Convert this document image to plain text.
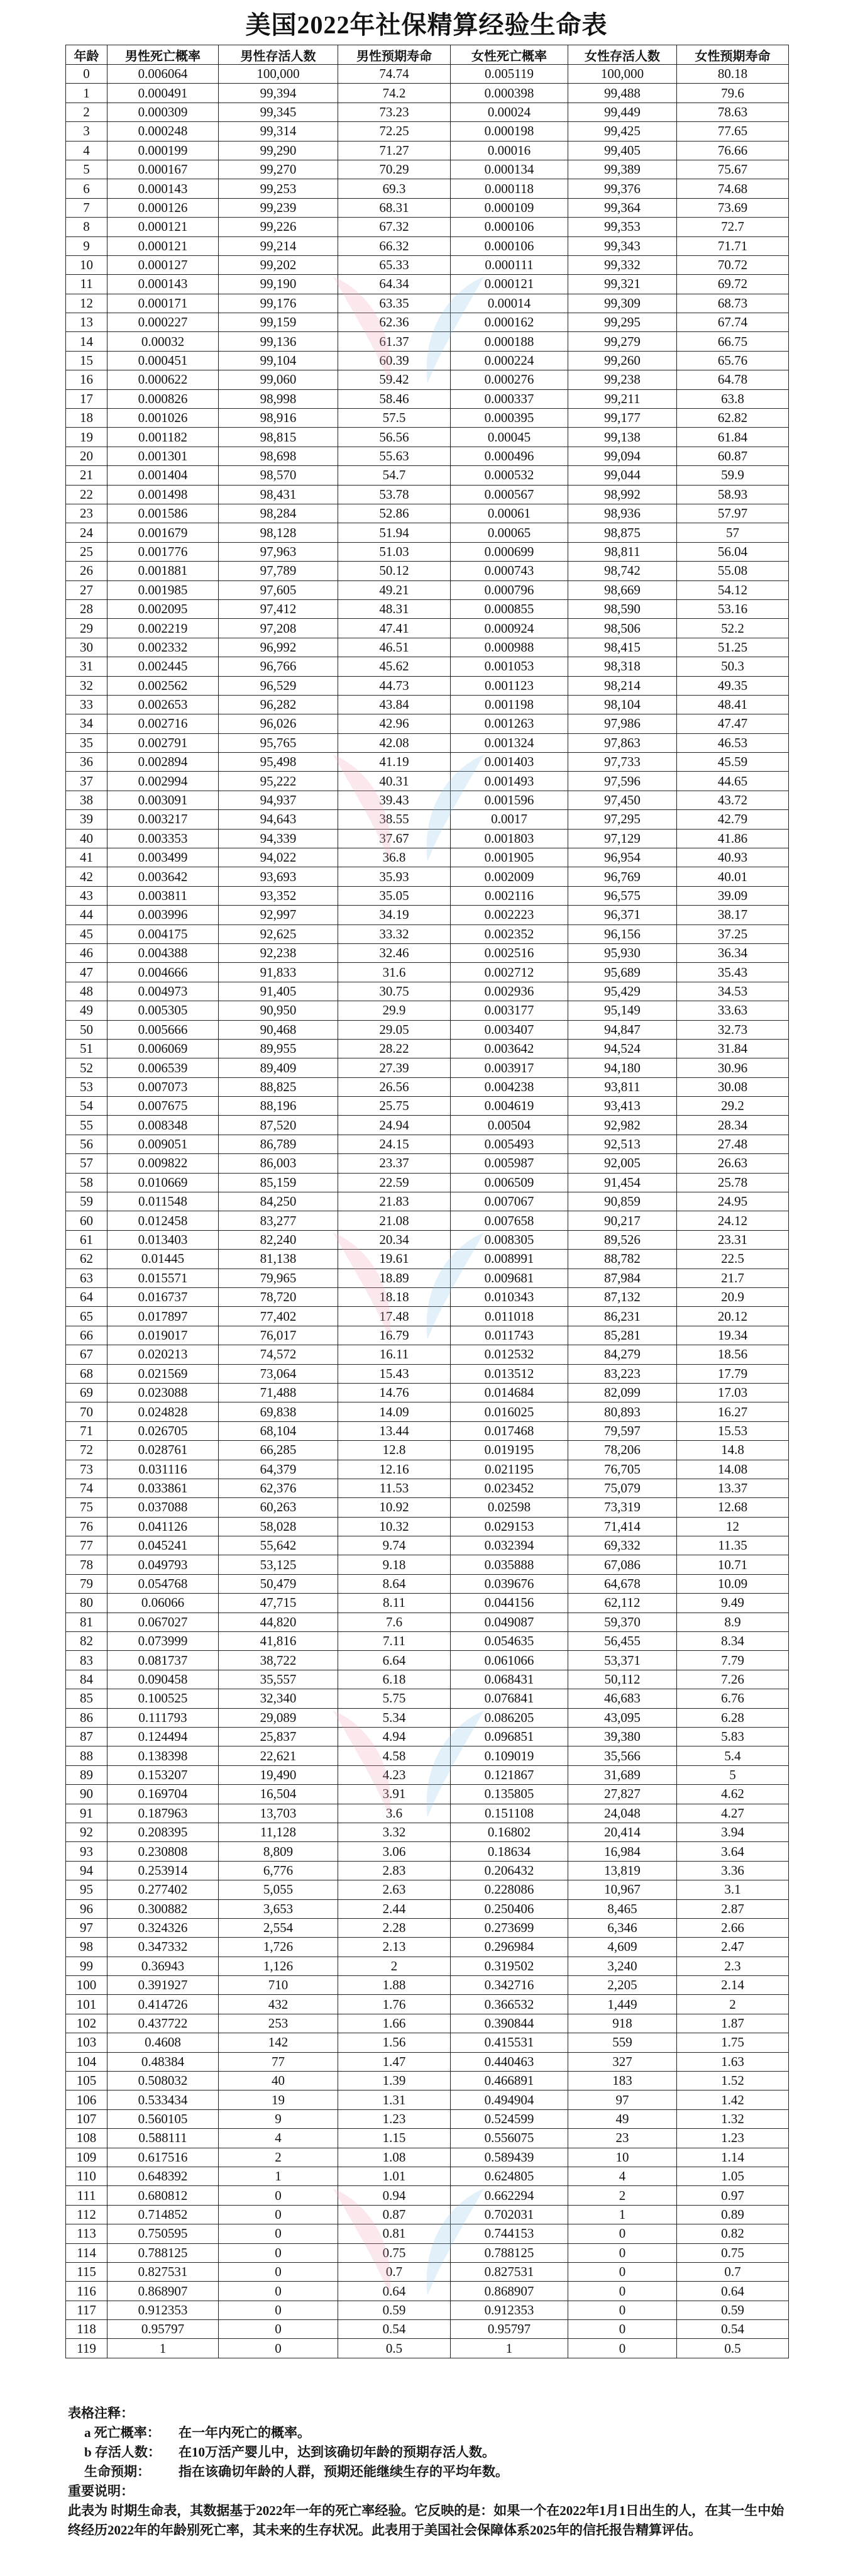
美国2022年社保精算经验生命表
年龄	男性死亡概率	男性存活人数	男性预期寿命	女性死亡概率	女性存活人数	女性预期寿命
0	0.006064	100,000	74.74	0.005119	100,000	80.18
1	0.000491	99,394	74.2	0.000398	99,488	79.6
2	0.000309	99,345	73.23	0.00024	99,449	78.63
3	0.000248	99,314	72.25	0.000198	99,425	77.65
4	0.000199	99,290	71.27	0.00016	99,405	76.66
5	0.000167	99,270	70.29	0.000134	99,389	75.67
6	0.000143	99,253	69.3	0.000118	99,376	74.68
7	0.000126	99,239	68.31	0.000109	99,364	73.69
8	0.000121	99,226	67.32	0.000106	99,353	72.7
9	0.000121	99,214	66.32	0.000106	99,343	71.71
10	0.000127	99,202	65.33	0.000111	99,332	70.72
11	0.000143	99,190	64.34	0.000121	99,321	69.72
12	0.000171	99,176	63.35	0.00014	99,309	68.73
13	0.000227	99,159	62.36	0.000162	99,295	67.74
14	0.00032	99,136	61.37	0.000188	99,279	66.75
15	0.000451	99,104	60.39	0.000224	99,260	65.76
16	0.000622	99,060	59.42	0.000276	99,238	64.78
17	0.000826	98,998	58.46	0.000337	99,211	63.8
18	0.001026	98,916	57.5	0.000395	99,177	62.82
19	0.001182	98,815	56.56	0.00045	99,138	61.84
20	0.001301	98,698	55.63	0.000496	99,094	60.87
21	0.001404	98,570	54.7	0.000532	99,044	59.9
22	0.001498	98,431	53.78	0.000567	98,992	58.93
23	0.001586	98,284	52.86	0.00061	98,936	57.97
24	0.001679	98,128	51.94	0.00065	98,875	57
25	0.001776	97,963	51.03	0.000699	98,811	56.04
26	0.001881	97,789	50.12	0.000743	98,742	55.08
27	0.001985	97,605	49.21	0.000796	98,669	54.12
28	0.002095	97,412	48.31	0.000855	98,590	53.16
29	0.002219	97,208	47.41	0.000924	98,506	52.2
30	0.002332	96,992	46.51	0.000988	98,415	51.25
31	0.002445	96,766	45.62	0.001053	98,318	50.3
32	0.002562	96,529	44.73	0.001123	98,214	49.35
33	0.002653	96,282	43.84	0.001198	98,104	48.41
34	0.002716	96,026	42.96	0.001263	97,986	47.47
35	0.002791	95,765	42.08	0.001324	97,863	46.53
36	0.002894	95,498	41.19	0.001403	97,733	45.59
37	0.002994	95,222	40.31	0.001493	97,596	44.65
38	0.003091	94,937	39.43	0.001596	97,450	43.72
39	0.003217	94,643	38.55	0.0017	97,295	42.79
40	0.003353	94,339	37.67	0.001803	97,129	41.86
41	0.003499	94,022	36.8	0.001905	96,954	40.93
42	0.003642	93,693	35.93	0.002009	96,769	40.01
43	0.003811	93,352	35.05	0.002116	96,575	39.09
44	0.003996	92,997	34.19	0.002223	96,371	38.17
45	0.004175	92,625	33.32	0.002352	96,156	37.25
46	0.004388	92,238	32.46	0.002516	95,930	36.34
47	0.004666	91,833	31.6	0.002712	95,689	35.43
48	0.004973	91,405	30.75	0.002936	95,429	34.53
49	0.005305	90,950	29.9	0.003177	95,149	33.63
50	0.005666	90,468	29.05	0.003407	94,847	32.73
51	0.006069	89,955	28.22	0.003642	94,524	31.84
52	0.006539	89,409	27.39	0.003917	94,180	30.96
53	0.007073	88,825	26.56	0.004238	93,811	30.08
54	0.007675	88,196	25.75	0.004619	93,413	29.2
55	0.008348	87,520	24.94	0.00504	92,982	28.34
56	0.009051	86,789	24.15	0.005493	92,513	27.48
57	0.009822	86,003	23.37	0.005987	92,005	26.63
58	0.010669	85,159	22.59	0.006509	91,454	25.78
59	0.011548	84,250	21.83	0.007067	90,859	24.95
60	0.012458	83,277	21.08	0.007658	90,217	24.12
61	0.013403	82,240	20.34	0.008305	89,526	23.31
62	0.01445	81,138	19.61	0.008991	88,782	22.5
63	0.015571	79,965	18.89	0.009681	87,984	21.7
64	0.016737	78,720	18.18	0.010343	87,132	20.9
65	0.017897	77,402	17.48	0.011018	86,231	20.12
66	0.019017	76,017	16.79	0.011743	85,281	19.34
67	0.020213	74,572	16.11	0.012532	84,279	18.56
68	0.021569	73,064	15.43	0.013512	83,223	17.79
69	0.023088	71,488	14.76	0.014684	82,099	17.03
70	0.024828	69,838	14.09	0.016025	80,893	16.27
71	0.026705	68,104	13.44	0.017468	79,597	15.53
72	0.028761	66,285	12.8	0.019195	78,206	14.8
73	0.031116	64,379	12.16	0.021195	76,705	14.08
74	0.033861	62,376	11.53	0.023452	75,079	13.37
75	0.037088	60,263	10.92	0.02598	73,319	12.68
76	0.041126	58,028	10.32	0.029153	71,414	12
77	0.045241	55,642	9.74	0.032394	69,332	11.35
78	0.049793	53,125	9.18	0.035888	67,086	10.71
79	0.054768	50,479	8.64	0.039676	64,678	10.09
80	0.06066	47,715	8.11	0.044156	62,112	9.49
81	0.067027	44,820	7.6	0.049087	59,370	8.9
82	0.073999	41,816	7.11	0.054635	56,455	8.34
83	0.081737	38,722	6.64	0.061066	53,371	7.79
84	0.090458	35,557	6.18	0.068431	50,112	7.26
85	0.100525	32,340	5.75	0.076841	46,683	6.76
86	0.111793	29,089	5.34	0.086205	43,095	6.28
87	0.124494	25,837	4.94	0.096851	39,380	5.83
88	0.138398	22,621	4.58	0.109019	35,566	5.4
89	0.153207	19,490	4.23	0.121867	31,689	5
90	0.169704	16,504	3.91	0.135805	27,827	4.62
91	0.187963	13,703	3.6	0.151108	24,048	4.27
92	0.208395	11,128	3.32	0.16802	20,414	3.94
93	0.230808	8,809	3.06	0.18634	16,984	3.64
94	0.253914	6,776	2.83	0.206432	13,819	3.36
95	0.277402	5,055	2.63	0.228086	10,967	3.1
96	0.300882	3,653	2.44	0.250406	8,465	2.87
97	0.324326	2,554	2.28	0.273699	6,346	2.66
98	0.347332	1,726	2.13	0.296984	4,609	2.47
99	0.36943	1,126	2	0.319502	3,240	2.3
100	0.391927	710	1.88	0.342716	2,205	2.14
101	0.414726	432	1.76	0.366532	1,449	2
102	0.437722	253	1.66	0.390844	918	1.87
103	0.4608	142	1.56	0.415531	559	1.75
104	0.48384	77	1.47	0.440463	327	1.63
105	0.508032	40	1.39	0.466891	183	1.52
106	0.533434	19	1.31	0.494904	97	1.42
107	0.560105	9	1.23	0.524599	49	1.32
108	0.588111	4	1.15	0.556075	23	1.23
109	0.617516	2	1.08	0.589439	10	1.14
110	0.648392	1	1.01	0.624805	4	1.05
111	0.680812	0	0.94	0.662294	2	0.97
112	0.714852	0	0.87	0.702031	1	0.89
113	0.750595	0	0.81	0.744153	0	0.82
114	0.788125	0	0.75	0.788125	0	0.75
115	0.827531	0	0.7	0.827531	0	0.7
116	0.868907	0	0.64	0.868907	0	0.64
117	0.912353	0	0.59	0.912353	0	0.59
118	0.95797	0	0.54	0.95797	0	0.54
119	1	0	0.5	1	0	0.5
表格注释：
a 死亡概率： 在一年内死亡的概率。
b 存活人数： 在10万活产婴儿中，达到该确切年龄的预期存活人数。
生命预期： 指在该确切年龄的人群，预期还能继续生存的平均年数。
重要说明：
此表为 时期生命表，其数据基于2022年一年的死亡率经验。它反映的是：如果一个在2022年1月1日出生的人，在其一生中始终经历2022年的年龄别死亡率，其未来的生存状况。此表用于美国社会保障体系2025年的信托报告精算评估。
